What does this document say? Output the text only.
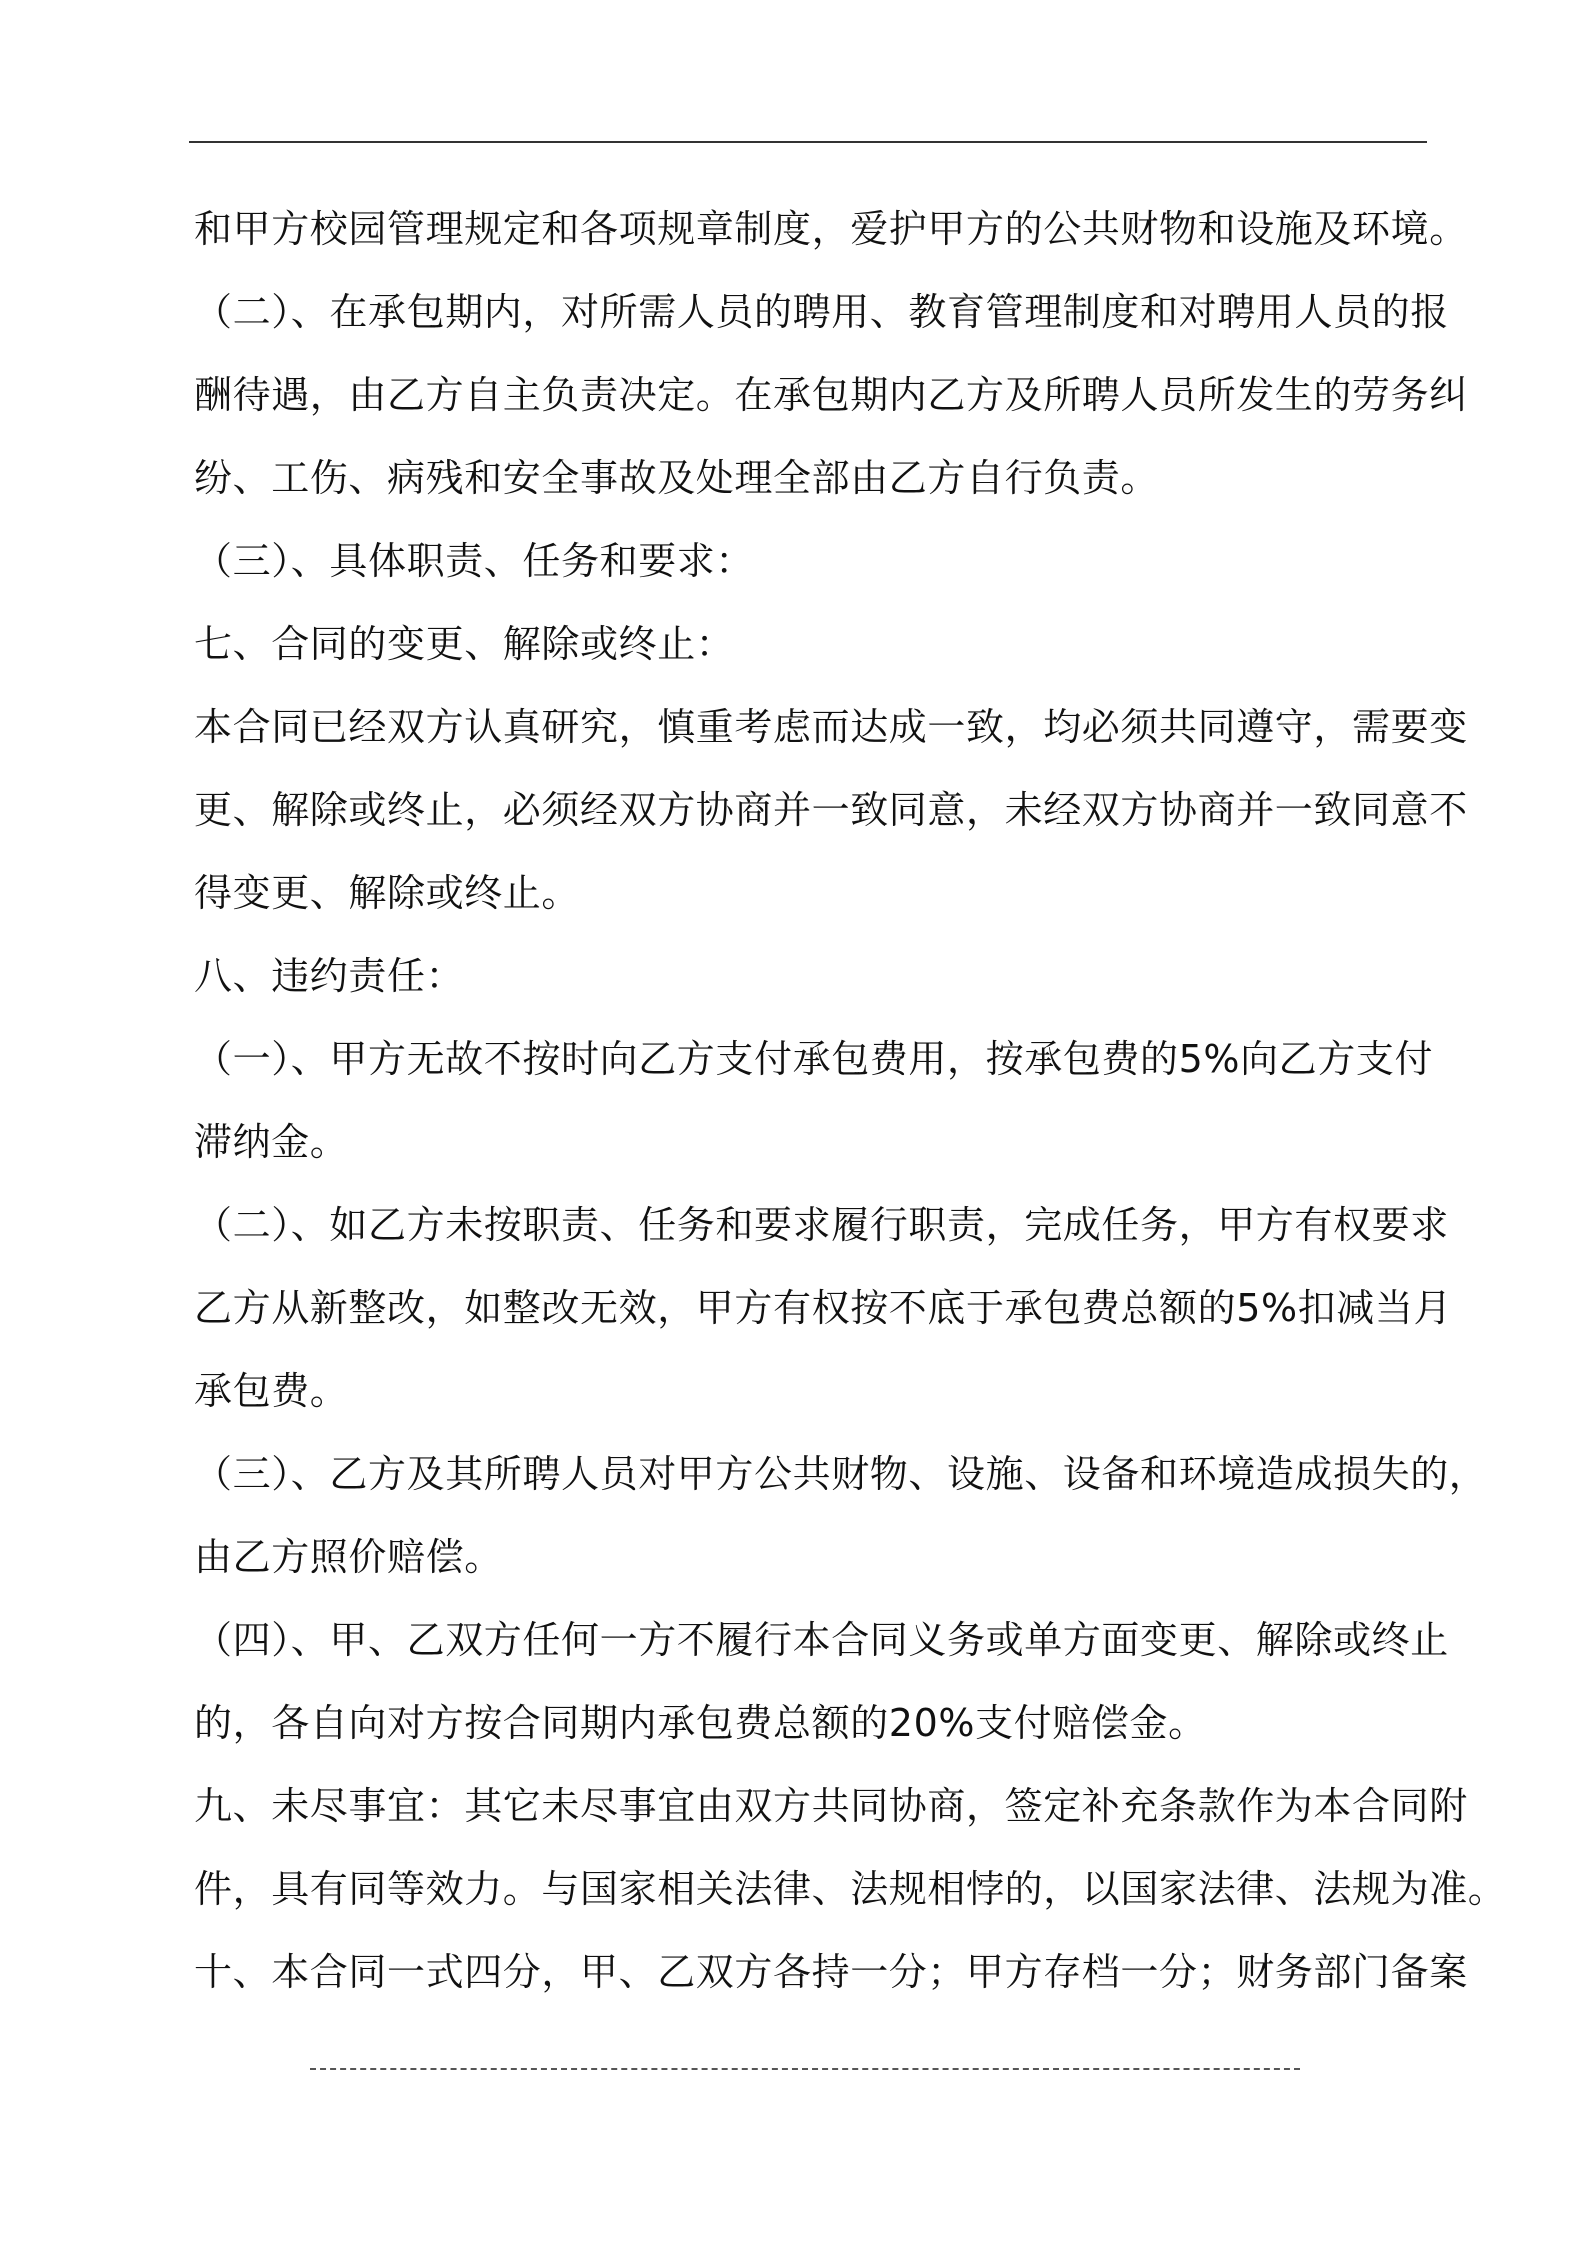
和甲方校园管理规定和各项规章制度，爱护甲方的公共财物和设施及环境。
（二）、在承包期内，对所需人员的聘用、教育管理制度和对聘用人员的报
酬待遇，由乙方自主负责决定。在承包期内乙方及所聘人员所发生的劳务纠
纷、工伤、病残和安全事故及处理全部由乙方自行负责。
（三）、具体职责、任务和要求：
七、合同的变更、解除或终止：
本合同已经双方认真研究，慎重考虑而达成一致，均必须共同遵守，需要变
更、解除或终止，必须经双方协商并一致同意，未经双方协商并一致同意不
得变更、解除或终止。
八、违约责任：
（一）、甲方无故不按时向乙方支付承包费用，按承包费的5%向乙方支付
滞纳金。
（二）、如乙方未按职责、任务和要求履行职责，完成任务，甲方有权要求
乙方从新整改，如整改无效，甲方有权按不底于承包费总额的5%扣减当月
承包费。
（三）、乙方及其所聘人员对甲方公共财物、设施、设备和环境造成损失的，
由乙方照价赔偿。
（四）、甲、乙双方任何一方不履行本合同义务或单方面变更、解除或终止
的，各自向对方按合同期内承包费总额的20%支付赔偿金。
九、未尽事宜：其它未尽事宜由双方共同协商，签定补充条款作为本合同附
件，具有同等效力。与国家相关法律、法规相悖的，以国家法律、法规为准。
十、本合同一式四分，甲、乙双方各持一分；甲方存档一分；财务部门备案
